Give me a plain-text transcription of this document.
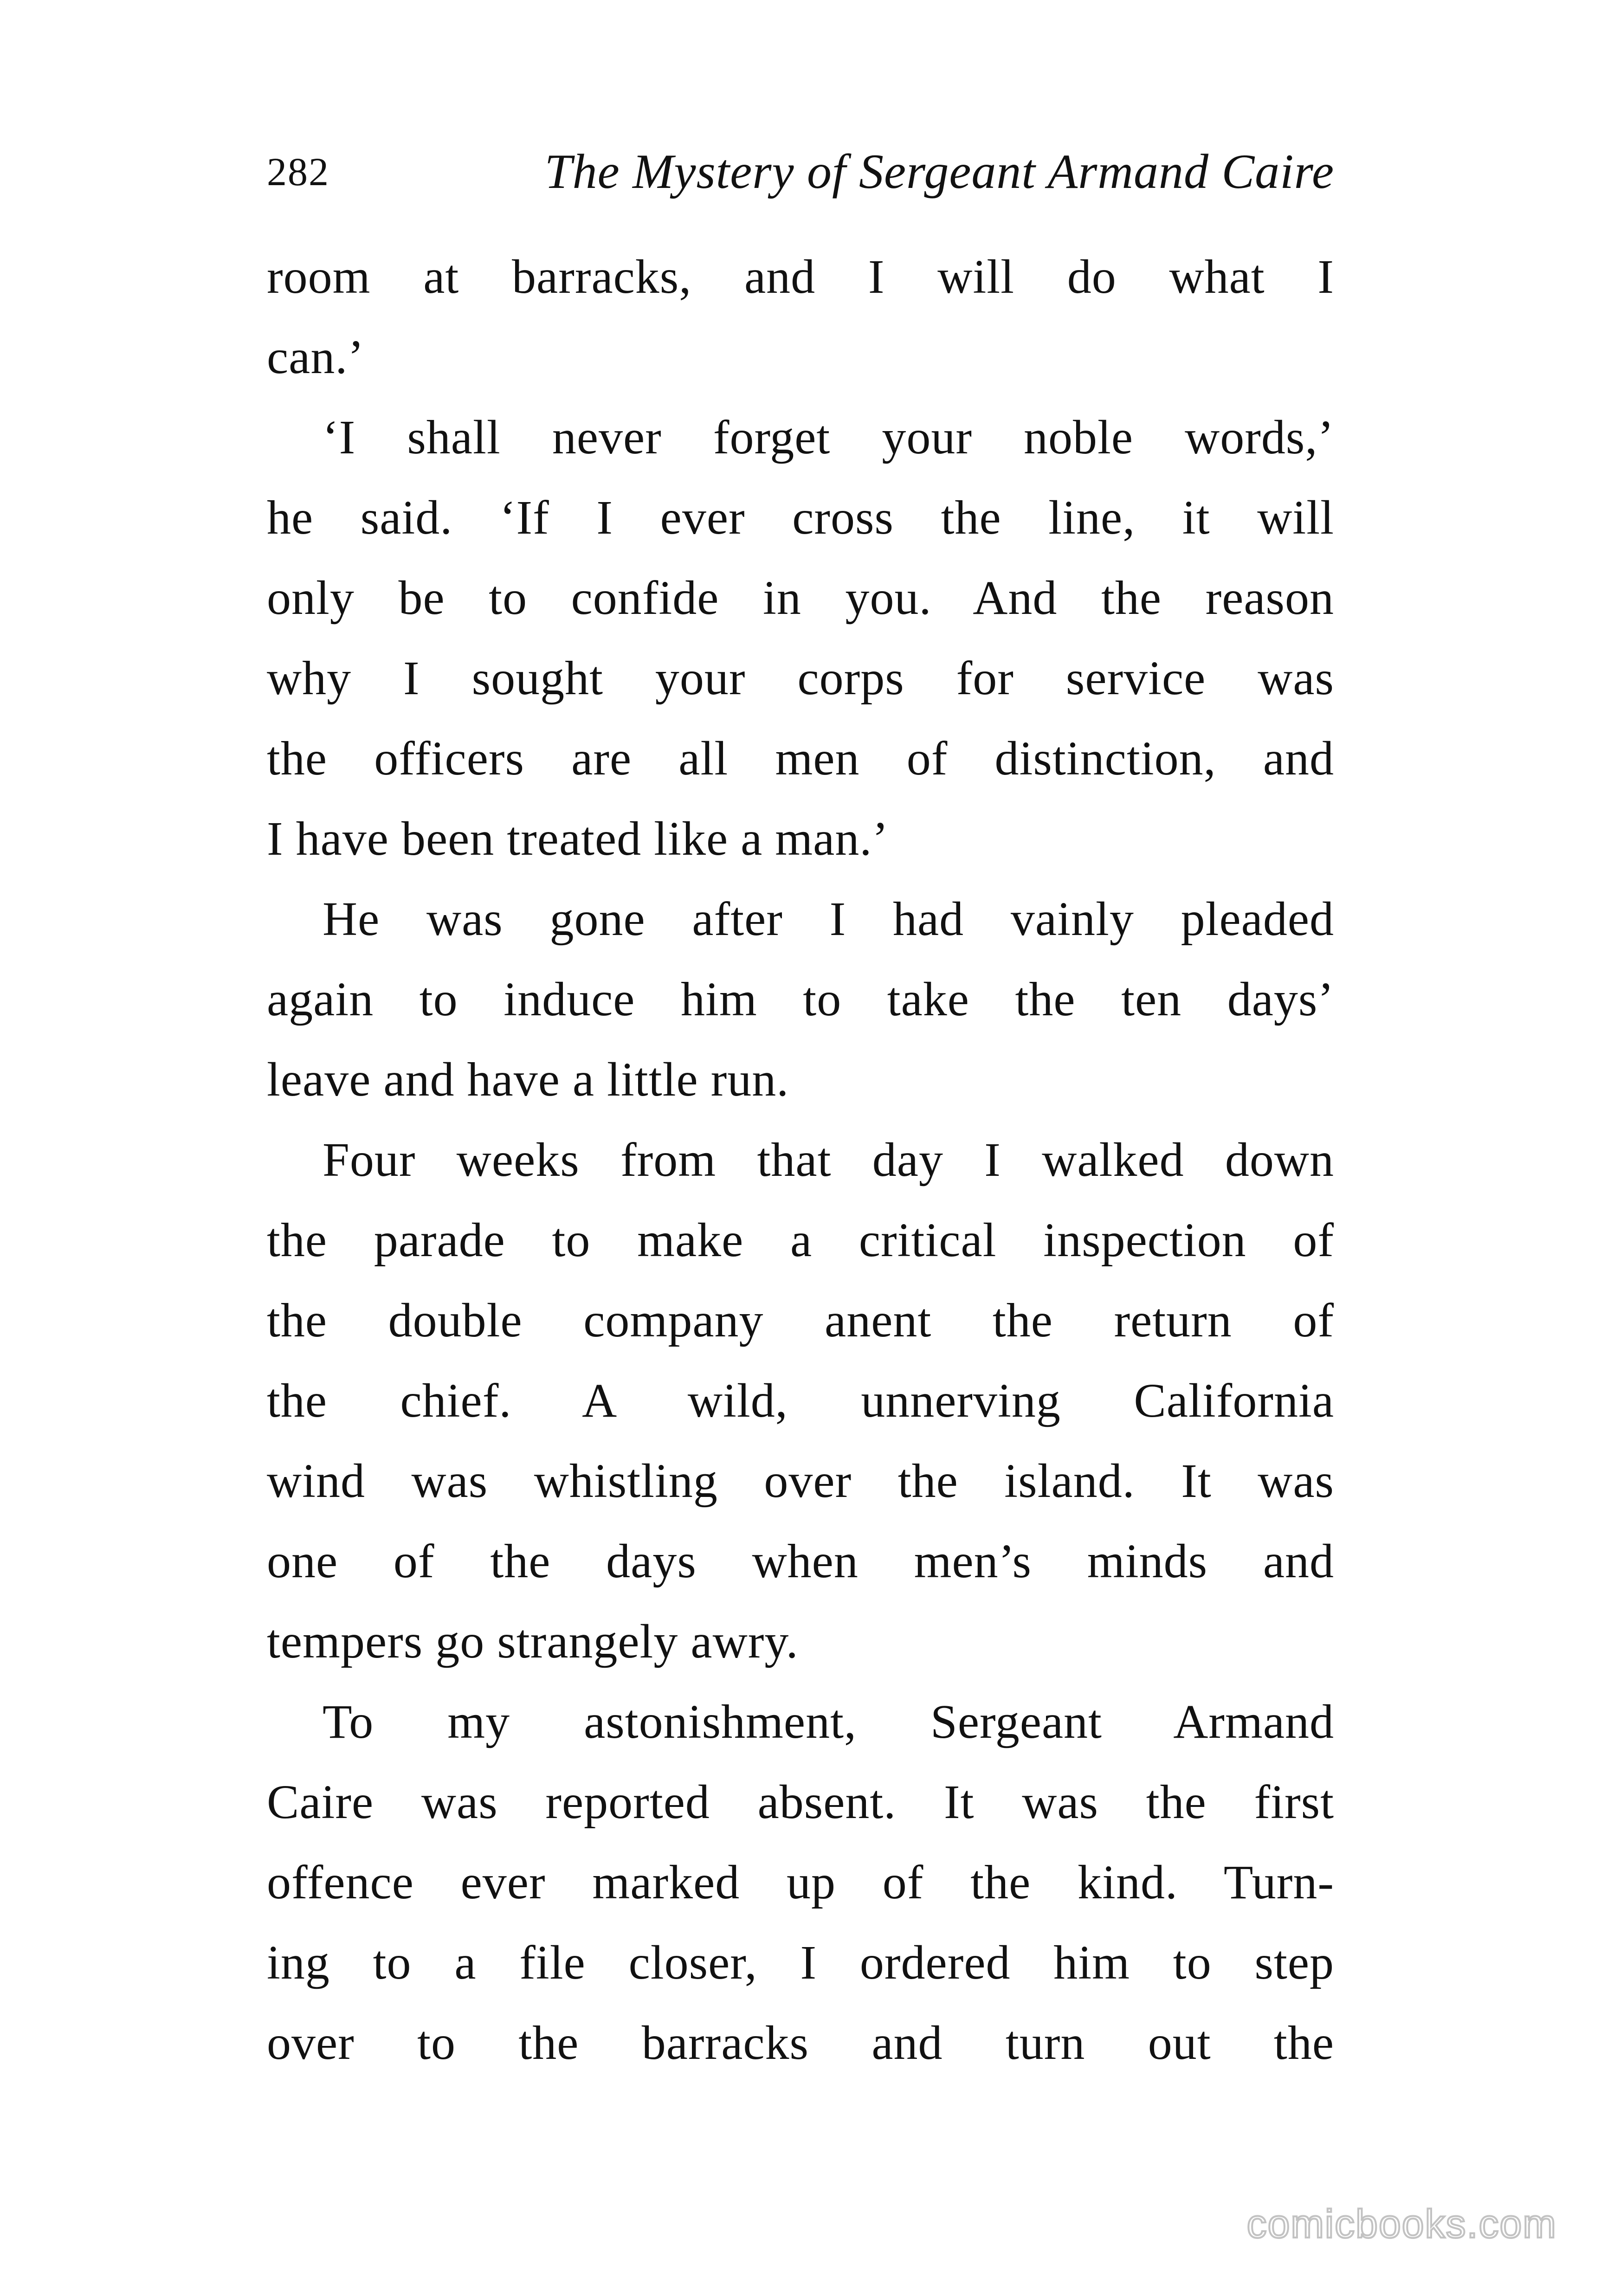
282	The Mystery of Sergeant Armand Caire
room at barracks, and I will do what I
can.’
‘I shall never forget your noble words,’
he said. ‘If I ever cross the line, it will
only be to confide in you. And the reason
why I sought your corps for service was
the officers are all men of distinction, and
I have been treated like a man.’
He was gone after I had vainly pleaded
again to induce him to take the ten days’
leave and have a little run.
Four weeks from that day I walked down
the parade to make a critical inspection of
the double company anent the return of
the chief. A wild, unnerving California
wind was whistling over the island. It was
one of the days when men’s minds and
tempers go strangely awry.
To my astonishment, Sergeant Armand
Caire was reported absent. It was the first
offence ever marked up of the kind. Turn-
ing to a file closer, I ordered him to step
over to the barracks and turn out the
comicbooks.com
